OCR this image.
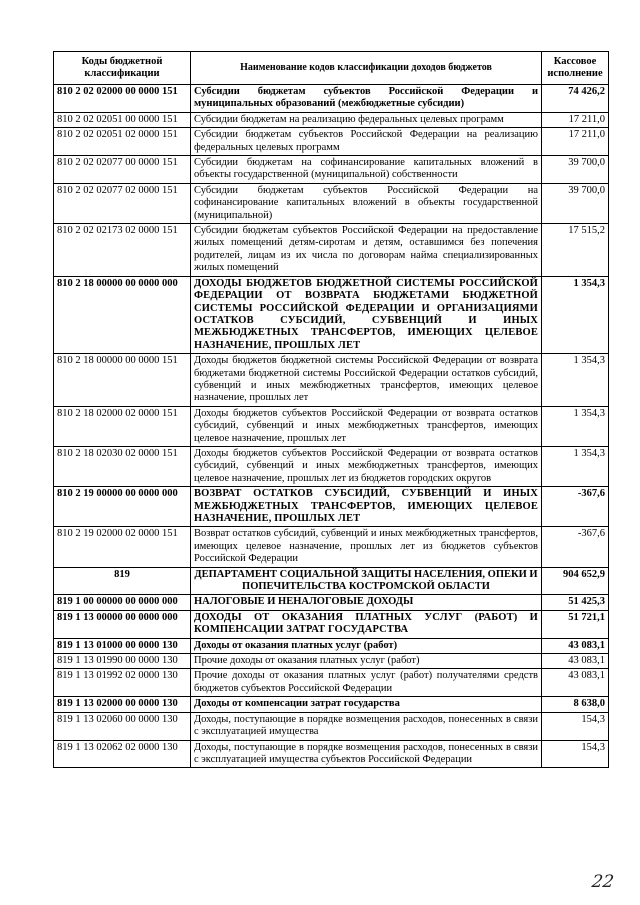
Коды бюджетной классификации	Наименование кодов классификации доходов бюджетов	Кассовое исполнение
810 2 02 02000 00 0000 151	Субсидии бюджетам субъектов Российской Федерации и муниципальных образований (межбюджетные субсидии)	74 426,2
810 2 02 02051 00 0000 151	Субсидии бюджетам на реализацию федеральных целевых программ	17 211,0
810 2 02 02051 02 0000 151	Субсидии бюджетам субъектов Российской Федерации на реализацию федеральных целевых программ	17 211,0
810 2 02 02077 00 0000 151	Субсидии бюджетам на софинансирование капитальных вложений в объекты государственной (муниципальной) собственности	39 700,0
810 2 02 02077 02 0000 151	Субсидии бюджетам субъектов Российской Федерации на софинансирование капитальных вложений в объекты государственной (муниципальной)	39 700,0
810 2 02 02173 02 0000 151	Субсидии бюджетам субъектов Российской Федерации на предоставление жилых помещений детям-сиротам и детям, оставшимся без попечения родителей, лицам из их числа по договорам найма специализированных жилых помещений	17 515,2
810 2 18 00000 00 0000 000	ДОХОДЫ БЮДЖЕТОВ БЮДЖЕТНОЙ СИСТЕМЫ РОССИЙСКОЙ ФЕДЕРАЦИИ ОТ ВОЗВРАТА БЮДЖЕТАМИ БЮДЖЕТНОЙ СИСТЕМЫ РОССИЙСКОЙ ФЕДЕРАЦИИ И ОРГАНИЗАЦИЯМИ ОСТАТКОВ СУБСИДИЙ, СУБВЕНЦИЙ И ИНЫХ МЕЖБЮДЖЕТНЫХ ТРАНСФЕРТОВ, ИМЕЮЩИХ ЦЕЛЕВОЕ НАЗНАЧЕНИЕ, ПРОШЛЫХ ЛЕТ	1 354,3
810 2 18 00000 00 0000 151	Доходы бюджетов бюджетной системы Российской Федерации от возврата бюджетами бюджетной системы Российской Федерации остатков субсидий, субвенций и иных межбюджетных трансфертов, имеющих целевое назначение, прошлых лет	1 354,3
810 2 18 02000 02 0000 151	Доходы бюджетов субъектов Российской Федерации от возврата остатков субсидий, субвенций и иных межбюджетных трансфертов, имеющих целевое назначение, прошлых лет	1 354,3
810 2 18 02030 02 0000 151	Доходы бюджетов субъектов Российской Федерации от возврата остатков субсидий, субвенций и иных межбюджетных трансфертов, имеющих целевое назначение, прошлых лет из бюджетов городских округов	1 354,3
810 2 19 00000 00 0000 000	ВОЗВРАТ ОСТАТКОВ СУБСИДИЙ, СУБВЕНЦИЙ И ИНЫХ МЕЖБЮДЖЕТНЫХ ТРАНСФЕРТОВ, ИМЕЮЩИХ ЦЕЛЕВОЕ НАЗНАЧЕНИЕ, ПРОШЛЫХ ЛЕТ	-367,6
810 2 19 02000 02 0000 151	Возврат остатков субсидий, субвенций и иных межбюджетных трансфертов, имеющих целевое назначение, прошлых лет из бюджетов субъектов Российской Федерации	-367,6
819	ДЕПАРТАМЕНТ СОЦИАЛЬНОЙ ЗАЩИТЫ НАСЕЛЕНИЯ, ОПЕКИ И ПОПЕЧИТЕЛЬСТВА КОСТРОМСКОЙ ОБЛАСТИ	904 652,9
819 1 00 00000 00 0000 000	НАЛОГОВЫЕ И НЕНАЛОГОВЫЕ ДОХОДЫ	51 425,3
819 1 13 00000 00 0000 000	ДОХОДЫ ОТ ОКАЗАНИЯ ПЛАТНЫХ УСЛУГ (РАБОТ) И КОМПЕНСАЦИИ ЗАТРАТ ГОСУДАРСТВА	51 721,1
819 1 13 01000 00 0000 130	Доходы от оказания платных услуг (работ)	43 083,1
819 1 13 01990 00 0000 130	Прочие доходы от оказания платных услуг (работ)	43 083,1
819 1 13 01992 02 0000 130	Прочие доходы от оказания платных услуг (работ) получателями средств бюджетов субъектов Российской Федерации	43 083,1
819 1 13 02000 00 0000 130	Доходы от компенсации затрат государства	8 638,0
819 1 13 02060 00 0000 130	Доходы, поступающие в порядке возмещения расходов, понесенных в связи с эксплуатацией имущества	154,3
819 1 13 02062 02 0000 130	Доходы, поступающие в порядке возмещения расходов, понесенных в связи с эксплуатацией имущества субъектов Российской Федерации	154,3
22
